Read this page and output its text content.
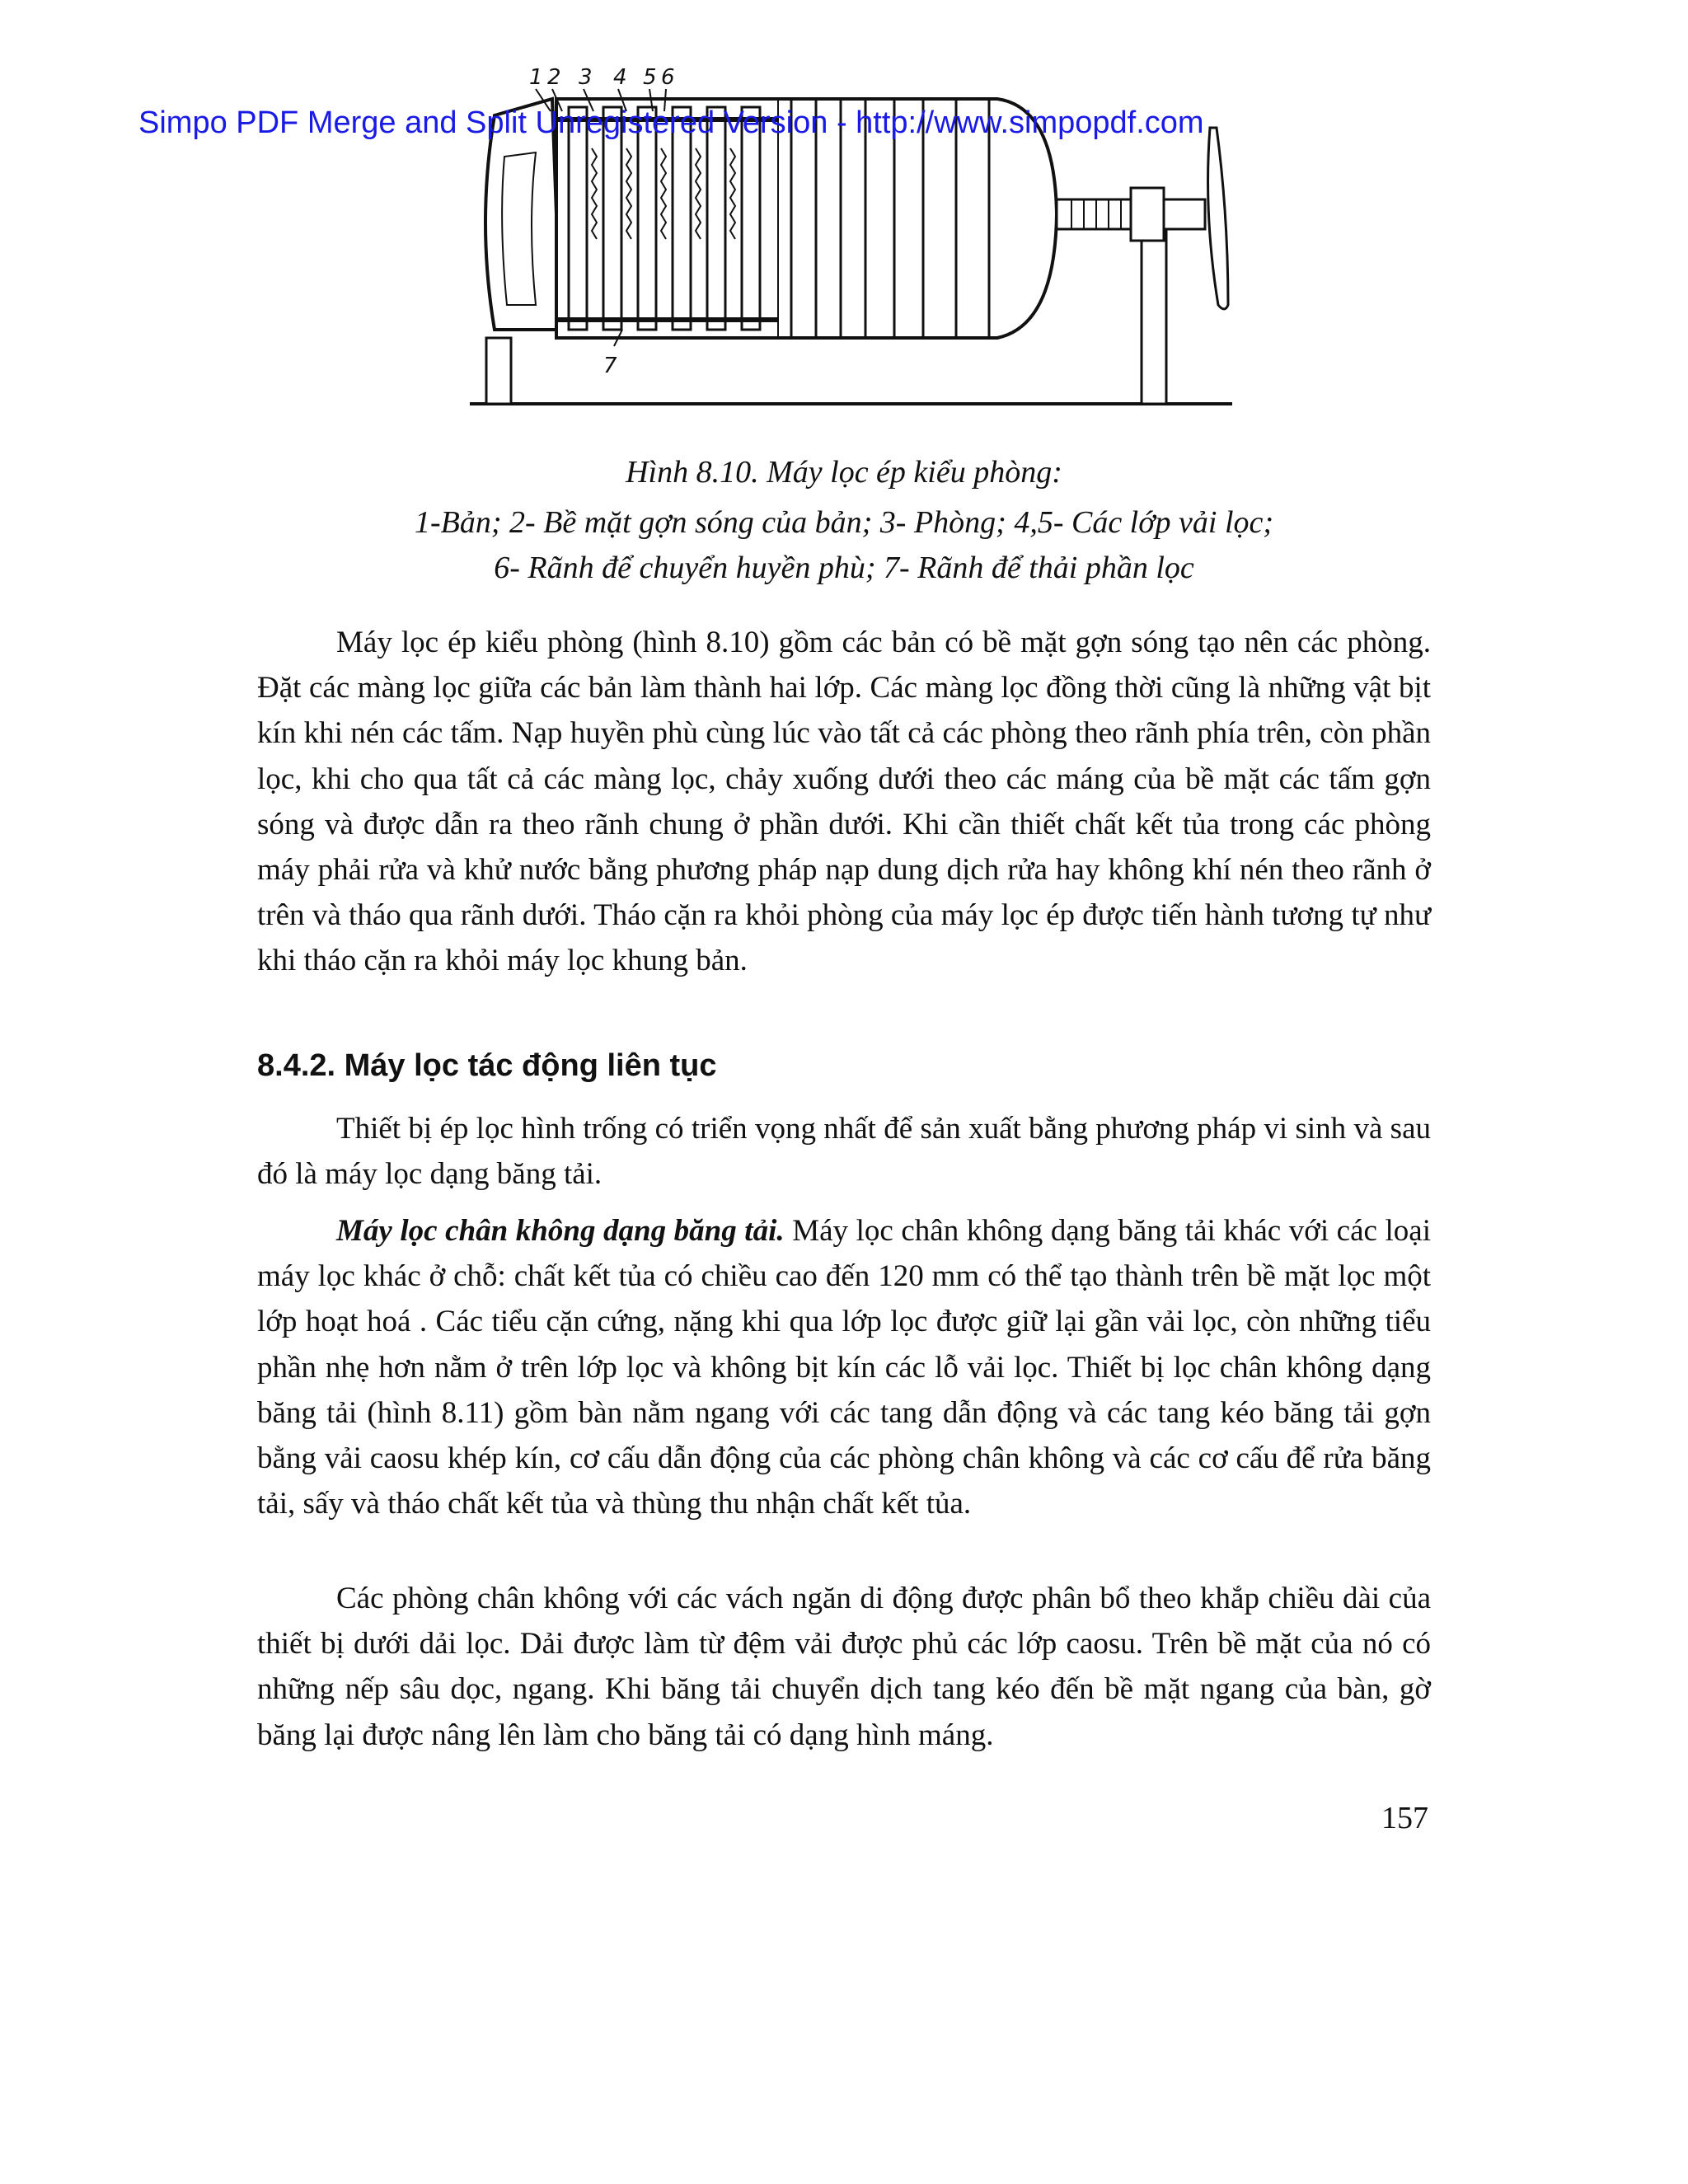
Simpo PDF Merge and Split Unregistered Version - http://www.simpopdf.com
1 2 3 4 5 6
7
Hình 8.10. Máy lọc ép kiểu phòng:
1-Bản; 2- Bề mặt gợn sóng của bản; 3- Phòng; 4,5- Các lớp vải lọc;
6- Rãnh để chuyển huyền phù; 7- Rãnh để thải phần lọc

Máy lọc ép kiểu phòng (hình 8.10) gồm các bản có bề mặt gợn sóng tạo nên các phòng. Đặt các màng lọc giữa các bản làm thành hai lớp. Các màng lọc đồng thời cũng là những vật bịt kín khi nén các tấm. Nạp huyền phù cùng lúc vào tất cả các phòng theo rãnh phía trên, còn phần lọc, khi cho qua tất cả các màng lọc, chảy xuống dưới theo các máng của bề mặt các tấm gợn sóng và được dẫn ra theo rãnh chung ở phần dưới. Khi cần thiết chất kết tủa trong các phòng máy phải rửa và khử nước bằng phương pháp nạp dung dịch rửa hay không khí nén theo rãnh ở trên và tháo qua rãnh dưới. Tháo cặn ra khỏi phòng của máy lọc ép được tiến hành tương tự như khi tháo cặn ra khỏi máy lọc khung bản.

8.4.2. Máy lọc tác động liên tục

Thiết bị ép lọc hình trống có triển vọng nhất để sản xuất bằng phương pháp vi sinh và sau đó là máy lọc dạng băng tải.

Máy lọc chân không dạng băng tải. Máy lọc chân không dạng băng tải khác với các loại máy lọc khác ở chỗ: chất kết tủa có chiều cao đến 120 mm có thể tạo thành trên bề mặt lọc một lớp hoạt hoá . Các tiểu cặn cứng, nặng khi qua lớp lọc được giữ lại gần vải lọc, còn những tiểu phần nhẹ hơn nằm ở trên lớp lọc và không bịt kín các lỗ vải lọc. Thiết bị lọc chân không dạng băng tải (hình 8.11) gồm bàn nằm ngang với các tang dẫn động và các tang kéo băng tải gợn bằng vải caosu khép kín, cơ cấu dẫn động của các phòng chân không và các cơ cấu để rửa băng tải, sấy và tháo chất kết tủa và thùng thu nhận chất kết tủa.

Các phòng chân không với các vách ngăn di động được phân bổ theo khắp chiều dài của thiết bị dưới dải lọc. Dải được làm từ đệm vải được phủ các lớp caosu. Trên bề mặt của nó có những nếp sâu dọc, ngang. Khi băng tải chuyển dịch tang kéo đến bề mặt ngang của bàn, gờ băng lại được nâng lên làm cho băng tải có dạng hình máng.

157
